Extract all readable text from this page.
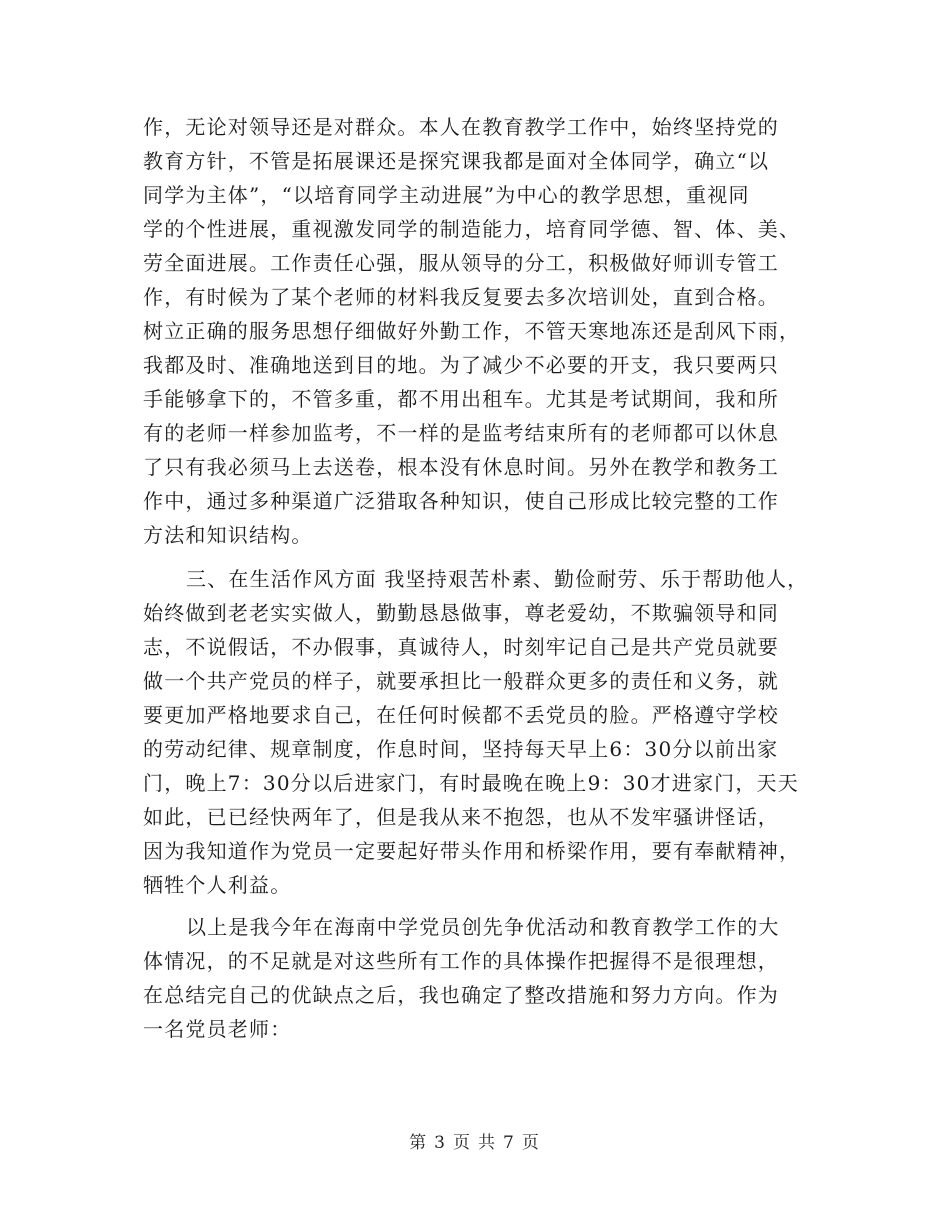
作，无论对领导还是对群众。本人在教育教学工作中，始终坚持党的
教育方针，不管是拓展课还是探究课我都是面对全体同学，确立“以
同学为主体”，“以培育同学主动进展”为中心的教学思想，重视同
学的个性进展，重视激发同学的制造能力，培育同学德、智、体、美、
劳全面进展。工作责任心强，服从领导的分工，积极做好师训专管工
作，有时候为了某个老师的材料我反复要去多次培训处，直到合格。
树立正确的服务思想仔细做好外勤工作，不管天寒地冻还是刮风下雨，
我都及时、准确地送到目的地。为了减少不必要的开支，我只要两只
手能够拿下的，不管多重，都不用出租车。尤其是考试期间，我和所
有的老师一样参加监考，不一样的是监考结束所有的老师都可以休息
了只有我必须马上去送卷，根本没有休息时间。另外在教学和教务工
作中，通过多种渠道广泛猎取各种知识，使自己形成比较完整的工作
方法和知识结构。
三、在生活作风方面 我坚持艰苦朴素、勤俭耐劳、乐于帮助他人，
始终做到老老实实做人，勤勤恳恳做事，尊老爱幼，不欺骗领导和同
志，不说假话，不办假事，真诚待人，时刻牢记自己是共产党员就要
做一个共产党员的样子，就要承担比一般群众更多的责任和义务，就
要更加严格地要求自己，在任何时候都不丢党员的脸。严格遵守学校
的劳动纪律、规章制度，作息时间，坚持每天早上6：30分以前出家
门，晚上7：30分以后进家门，有时最晚在晚上9：30才进家门，天天
如此，已已经快两年了，但是我从来不抱怨，也从不发牢骚讲怪话，
因为我知道作为党员一定要起好带头作用和桥梁作用，要有奉献精神，
牺牲个人利益。
以上是我今年在海南中学党员创先争优活动和教育教学工作的大
体情况，的不足就是对这些所有工作的具体操作把握得不是很理想，
在总结完自己的优缺点之后，我也确定了整改措施和努力方向。作为
一名党员老师：
第 3 页 共 7 页
